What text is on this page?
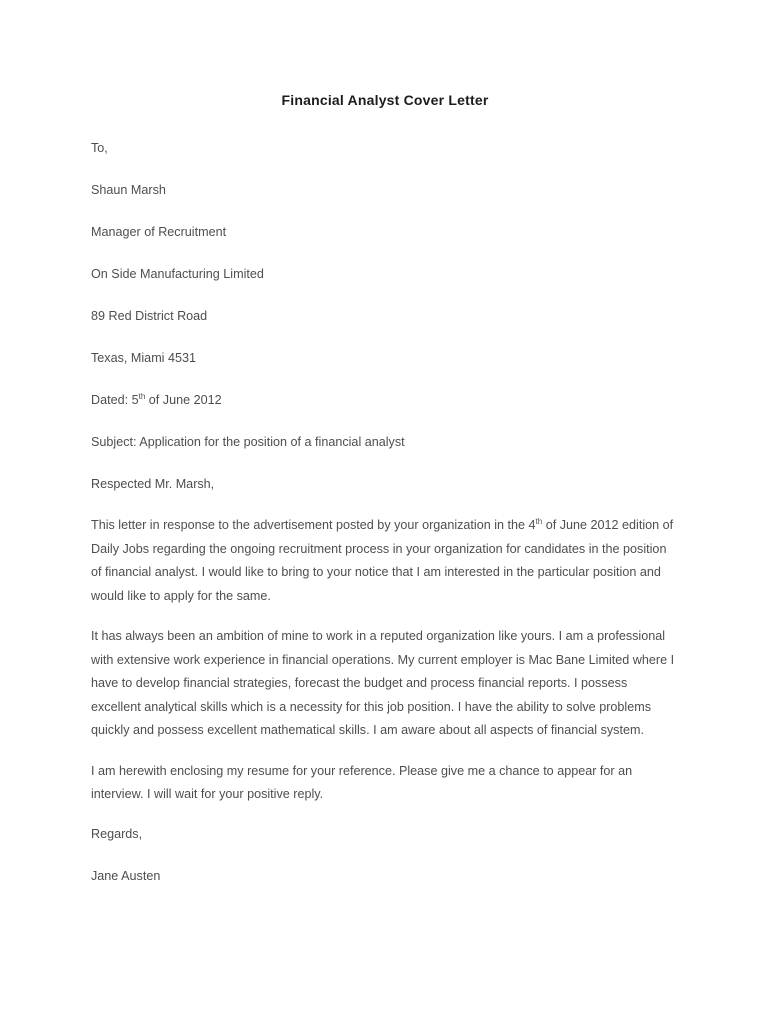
Financial Analyst Cover Letter

To,

Shaun Marsh

Manager of Recruitment

On Side Manufacturing Limited

89 Red District Road

Texas, Miami 4531

Dated: 5th of June 2012

Subject: Application for the position of a financial analyst

Respected Mr. Marsh,

This letter in response to the advertisement posted by your organization in the 4th of June 2012 edition of Daily Jobs regarding the ongoing recruitment process in your organization for candidates in the position of financial analyst. I would like to bring to your notice that I am interested in the particular position and would like to apply for the same.

It has always been an ambition of mine to work in a reputed organization like yours. I am a professional with extensive work experience in financial operations. My current employer is Mac Bane Limited where I have to develop financial strategies, forecast the budget and process financial reports. I possess excellent analytical skills which is a necessity for this job position. I have the ability to solve problems quickly and possess excellent mathematical skills. I am aware about all aspects of financial system.

I am herewith enclosing my resume for your reference. Please give me a chance to appear for an interview. I will wait for your positive reply.

Regards,

Jane Austen
